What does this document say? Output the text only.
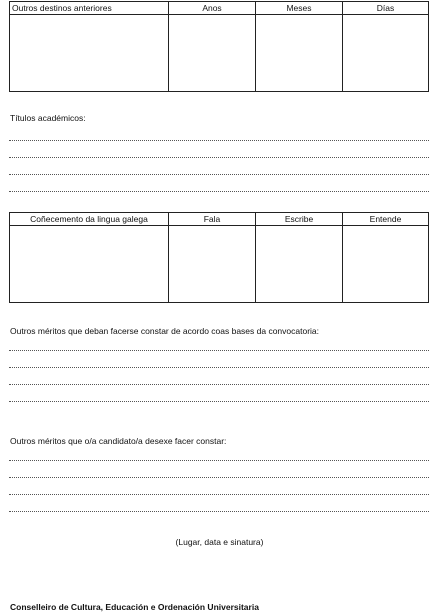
Outros destinos anteriores	Anos	Meses	Días
Títulos académicos:
Coñecemento da lingua galega	Fala	Escribe	Entende
Outros méritos que deban facerse constar de acordo coas bases da convocatoria:
Outros méritos que o/a candidato/a desexe facer constar:
(Lugar, data e sinatura)
Conselleiro de Cultura, Educación e Ordenación Universitaria
